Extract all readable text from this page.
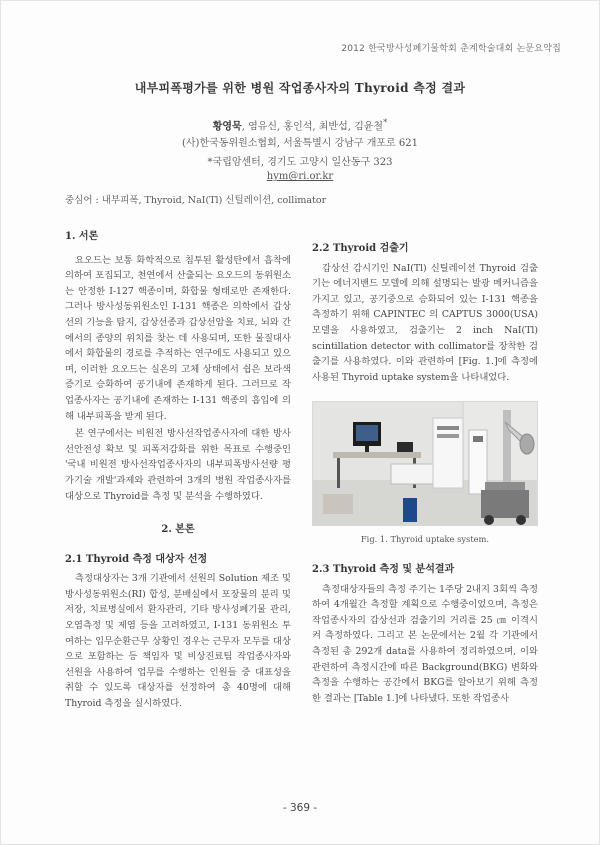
2012 한국방사성폐기물학회 춘계학술대회 논문요약집
내부피폭평가를 위한 병원 작업종사자의 Thyroid 측정 결과
황영묵, 염유신, 홍인석, 최반섭, 김윤철*
(사)한국동위원소협회, 서울특별시 강남구 개포로 621
*국립암센터, 경기도 고양시 일산동구 323
hym@ri.or.kr
중심어 : 내부피폭, Thyroid, NaI(Tl) 신틸레이션, collimator
1. 서론

요오드는 보통 화학적으로 침투된 활성탄에서 흡착에 의하여 포집되고, 천연에서 산출되는 요오드의 동위원소는 안정한 I-127 핵종이며, 화합물 형태로만 존재한다. 그러나 방사성동위원소인 I-131 핵종은 의학에서 갑상선의 기능을 탐지, 갑상선종과 갑상선암을 치료, 뇌와 간에서의 종양의 위치를 찾는 데 사용되며, 또한 물질대사에서 화합물의 경로를 추적하는 연구에도 사용되고 있으며, 이러한 요오드는 실온의 고체 상태에서 쉽은 보라색 증기로 승화하여 공기내에 존재하게 된다. 그러므로 작업종사자는 공기내에 존재하는 I-131 핵종의 흡입에 의해 내부피폭을 받게 된다.

본 연구에서는 비원전 방사선작업종사자에 대한 방사선안전성 확보 및 피폭저감화를 위한 목표로 수행중인 '국내 비원전 방사선작업종사자의 내부피폭방사선량 평가기술 개발'과제와 관련하여 3개의 병원 작업종사자를 대상으로 Thyroid를 측정 및 분석을 수행하였다.

2. 본론
2.1 Thyroid 측정 대상자 선정

측정대상자는 3개 기관에서 선원의 Solution 제조 및 방사성동위원소(RI) 합성, 분배실에서 포장물의 분리 및 저장, 치료병실에서 환자관리, 기타 방사성폐기물 관리, 오염측정 및 제염 등을 고려하였고, I-131 동위원소 투여하는 입무순환근무 상황인 경우는 근무자 모두를 대상으로 포함하는 등 책임자 및 비상진료팀 작업종사자와 선원을 사용하여 업무를 수행하는 인원들 중 대표성을 취할 수 있도록 대상자를 선정하여 총 40명에 대해 Thyroid 측정을 실시하였다.

2.2 Thyroid 검출기

갑상선 감시기인 NaI(Tl) 신틸레이션 Thyroid 검출기는 에너지밴드 모델에 의해 설명되는 발광 메커니즘을 가지고 있고, 공기중으로 승화되어 있는 I-131 핵종을 측정하기 위해 CAPINTEC 의 CAPTUS 3000(USA) 모델을 사용하였고, 검출기는 2 inch NaI(Tl) scintillation detector with collimator를 장착한 검출기를 사용하였다. 이와 관련하여 [Fig. 1.]에 측정에 사용된 Thyroid uptake system을 나타내었다.

Fig. 1. Thyroid uptake system.
2.3 Thyroid 측정 및 분석결과

측정대상자들의 측정 주기는 1주당 2내지 3회씩 측정하여 4개월간 측정할 계획으로 수행중이었으며, 측정은 작업종사자의 갑상선과 검출기의 거리를 25 ㎝ 이격시켜 측정하였다. 그리고 본 논문에서는 2월 각 기관에서 측정된 총 292개 data를 사용하여 정리하였으며, 이와 관련하여 측정시간에 따른 Background(BKG) 변화와 측정을 수행하는 공간에서 BKG를 알아보기 위해 측정한 결과는 [Table 1.]에 나타냈다. 또한 작업종사

- 369 -
